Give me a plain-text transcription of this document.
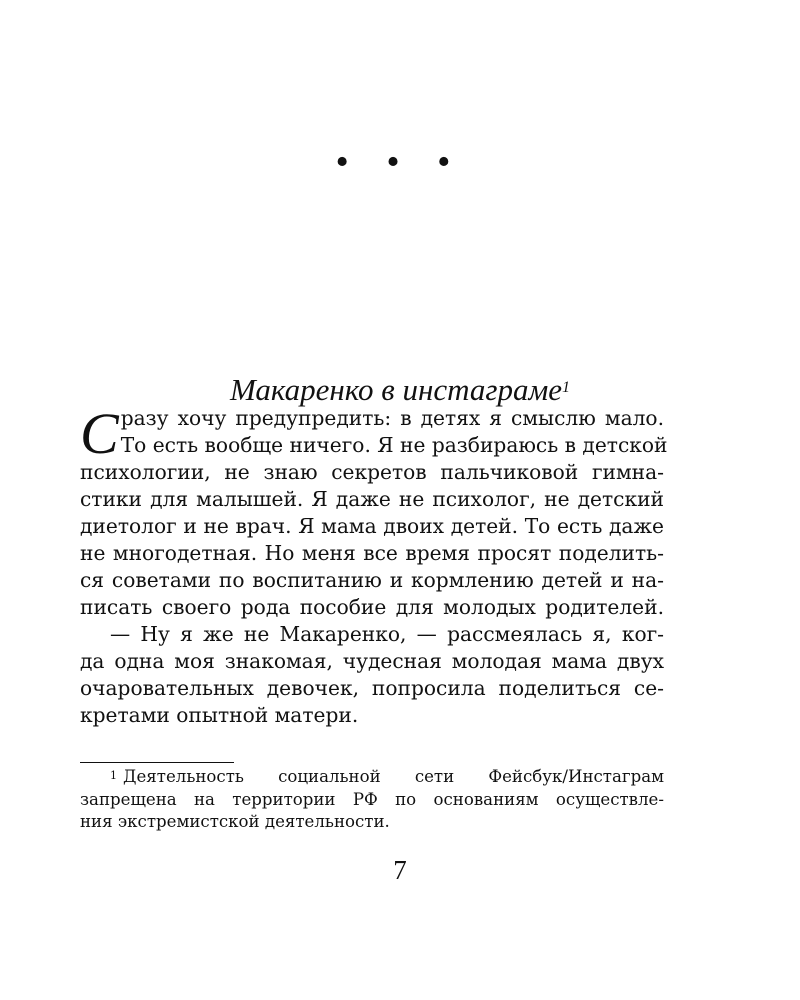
• • •
Макаренко в инстаграме$^1$
С разу хочу предупредить: в детях я смыслю мало.
То есть вообще ничего. Я не разбираюсь в детской
психологии, не знаю секретов пальчиковой гимна-
стики для малышей. Я даже не психолог, не детский
диетолог и не врач. Я мама двоих детей. То есть даже
не многодетная. Но меня все время просят поделить-
ся советами по воспитанию и кормлению детей и на-
писать своего рода пособие для молодых родителей.
— Ну я же не Макаренко, — рассмеялась я, ког-
да одна моя знакомая, чудесная молодая мама двух
очаровательных девочек, попросила поделиться се-
кретами опытной матери.
$^1$ Деятельность социальной сети Фейсбук/Инстаграм
запрещена на территории РФ по основаниям осуществле-
ния экстремистской деятельности.
7
